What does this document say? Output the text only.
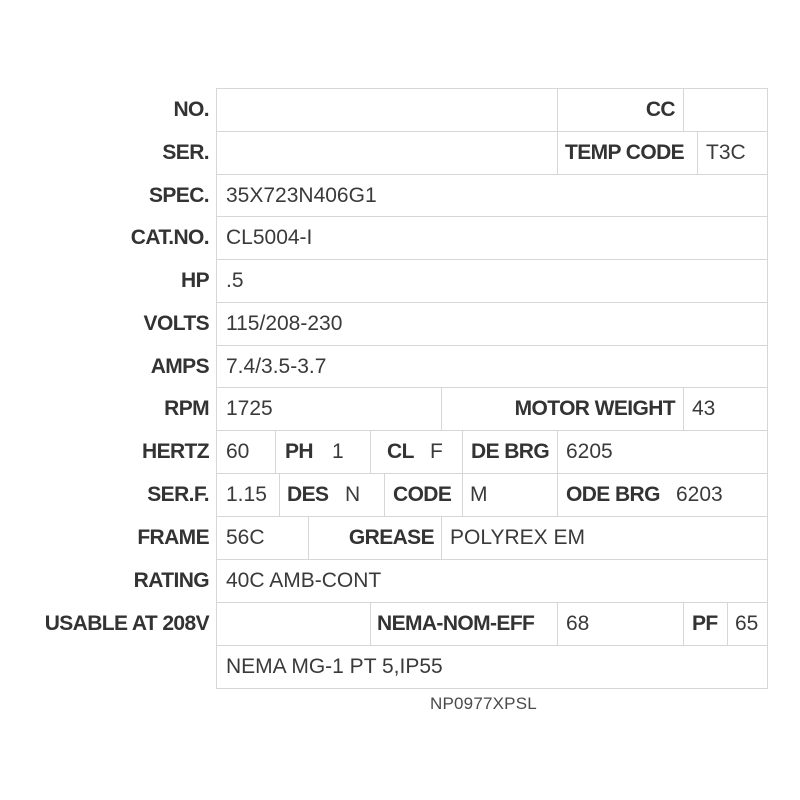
NO.	CC
SER.	TEMP CODE T3C
SPEC. 35X723N406G1
CAT.NO. CL5004-I
HP .5
VOLTS 115/208-230
AMPS 7.4/3.5-3.7
RPM 1725	MOTOR WEIGHT 43
HERTZ 60 PH 1 CL F DE BRG 6205
SER.F. 1.15 DES N CODE M	ODE BRG 6203
FRAME 56C	GREASE POLYREX EM
RATING 40C AMB-CONT
USABLE AT 208V	NEMA-NOM-EFF 68	PF 65
NEMA MG-1 PT 5,IP55
NP0977XPSL
